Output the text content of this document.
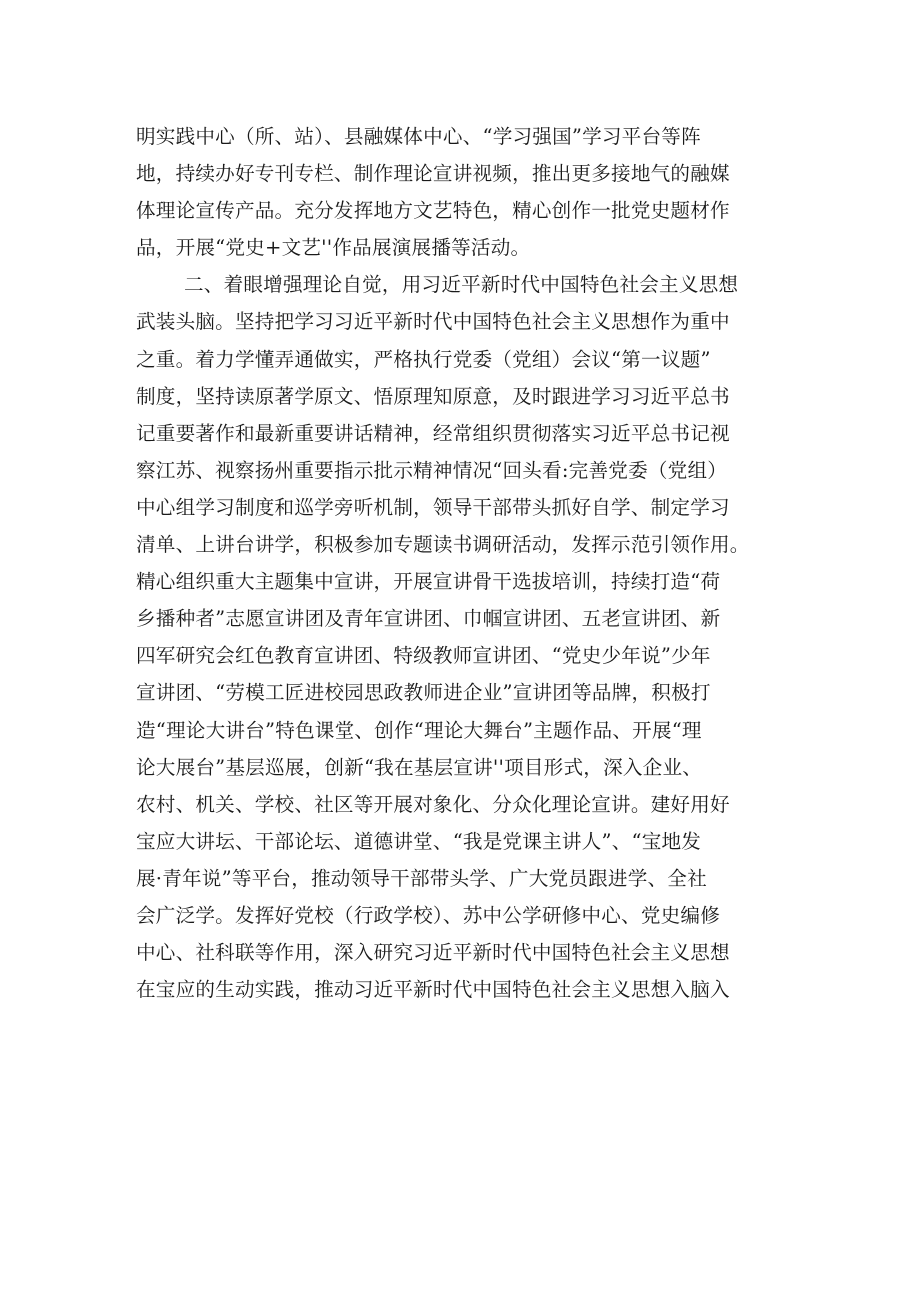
明实践中心（所、站）、县融媒体中心、“学习强国”学习平台等阵
地，持续办好专刊专栏、制作理论宣讲视频，推出更多接地气的融媒
体理论宣传产品。充分发挥地方文艺特色，精心创作一批党史题材作
品，开展“党史+文艺''作品展演展播等活动。
二、着眼增强理论自觉，用习近平新时代中国特色社会主义思想
武装头脑。坚持把学习习近平新时代中国特色社会主义思想作为重中
之重。着力学懂弄通做实，严格执行党委（党组）会议“第一议题”
制度，坚持读原著学原文、悟原理知原意，及时跟进学习习近平总书
记重要著作和最新重要讲话精神，经常组织贯彻落实习近平总书记视
察江苏、视察扬州重要指示批示精神情况“回头看:完善党委（党组）
中心组学习制度和巡学旁听机制，领导干部带头抓好自学、制定学习
清单、上讲台讲学，积极参加专题读书调研活动，发挥示范引领作用。
精心组织重大主题集中宣讲，开展宣讲骨干选拔培训，持续打造“荷
乡播种者”志愿宣讲团及青年宣讲团、巾帼宣讲团、五老宣讲团、新
四军研究会红色教育宣讲团、特级教师宣讲团、“党史少年说”少年
宣讲团、“劳模工匠进校园思政教师进企业”宣讲团等品牌，积极打
造“理论大讲台”特色课堂、创作“理论大舞台”主题作品、开展“理
论大展台”基层巡展，创新“我在基层宣讲''项目形式，深入企业、
农村、机关、学校、社区等开展对象化、分众化理论宣讲。建好用好
宝应大讲坛、干部论坛、道德讲堂、“我是党课主讲人”、“宝地发
展·青年说”等平台，推动领导干部带头学、广大党员跟进学、全社
会广泛学。发挥好党校（行政学校）、苏中公学研修中心、党史编修
中心、社科联等作用，深入研究习近平新时代中国特色社会主义思想
在宝应的生动实践，推动习近平新时代中国特色社会主义思想入脑入
